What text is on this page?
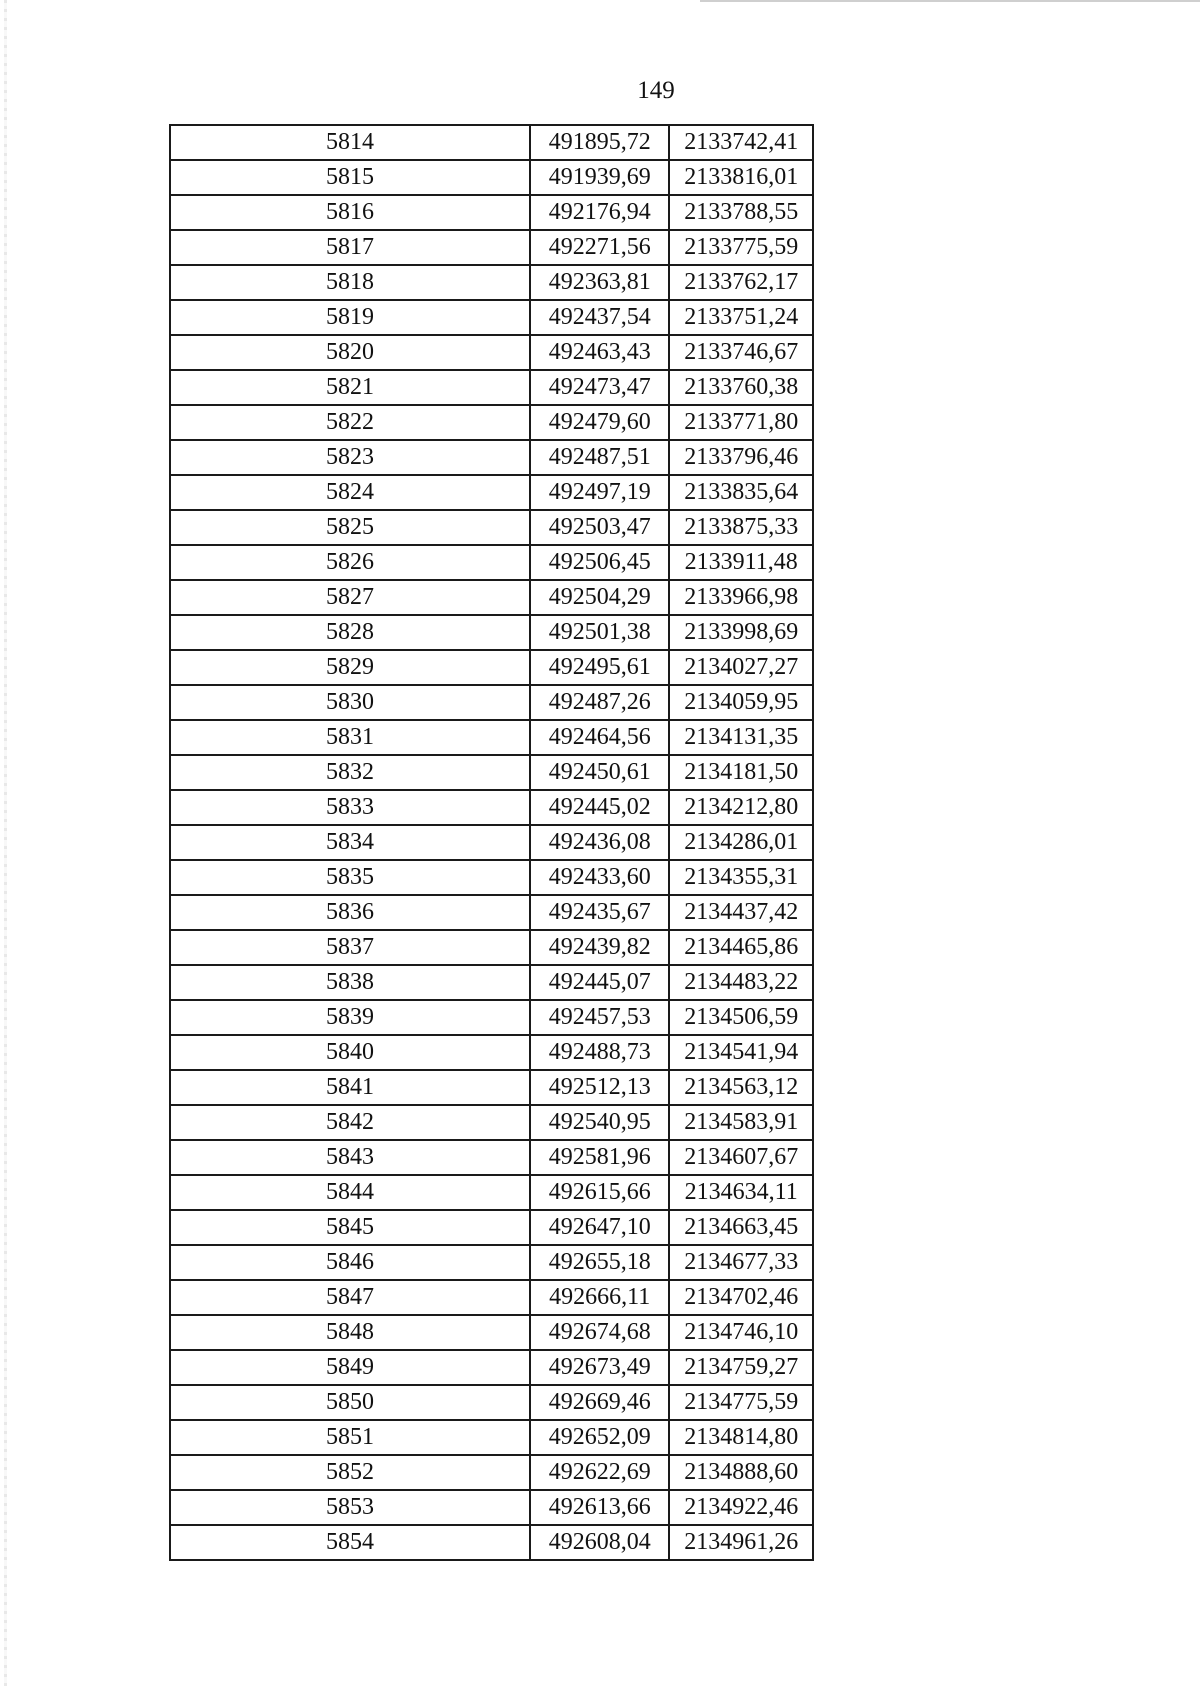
149
5814	491895,72	2133742,41
5815	491939,69	2133816,01
5816	492176,94	2133788,55
5817	492271,56	2133775,59
5818	492363,81	2133762,17
5819	492437,54	2133751,24
5820	492463,43	2133746,67
5821	492473,47	2133760,38
5822	492479,60	2133771,80
5823	492487,51	2133796,46
5824	492497,19	2133835,64
5825	492503,47	2133875,33
5826	492506,45	2133911,48
5827	492504,29	2133966,98
5828	492501,38	2133998,69
5829	492495,61	2134027,27
5830	492487,26	2134059,95
5831	492464,56	2134131,35
5832	492450,61	2134181,50
5833	492445,02	2134212,80
5834	492436,08	2134286,01
5835	492433,60	2134355,31
5836	492435,67	2134437,42
5837	492439,82	2134465,86
5838	492445,07	2134483,22
5839	492457,53	2134506,59
5840	492488,73	2134541,94
5841	492512,13	2134563,12
5842	492540,95	2134583,91
5843	492581,96	2134607,67
5844	492615,66	2134634,11
5845	492647,10	2134663,45
5846	492655,18	2134677,33
5847	492666,11	2134702,46
5848	492674,68	2134746,10
5849	492673,49	2134759,27
5850	492669,46	2134775,59
5851	492652,09	2134814,80
5852	492622,69	2134888,60
5853	492613,66	2134922,46
5854	492608,04	2134961,26
